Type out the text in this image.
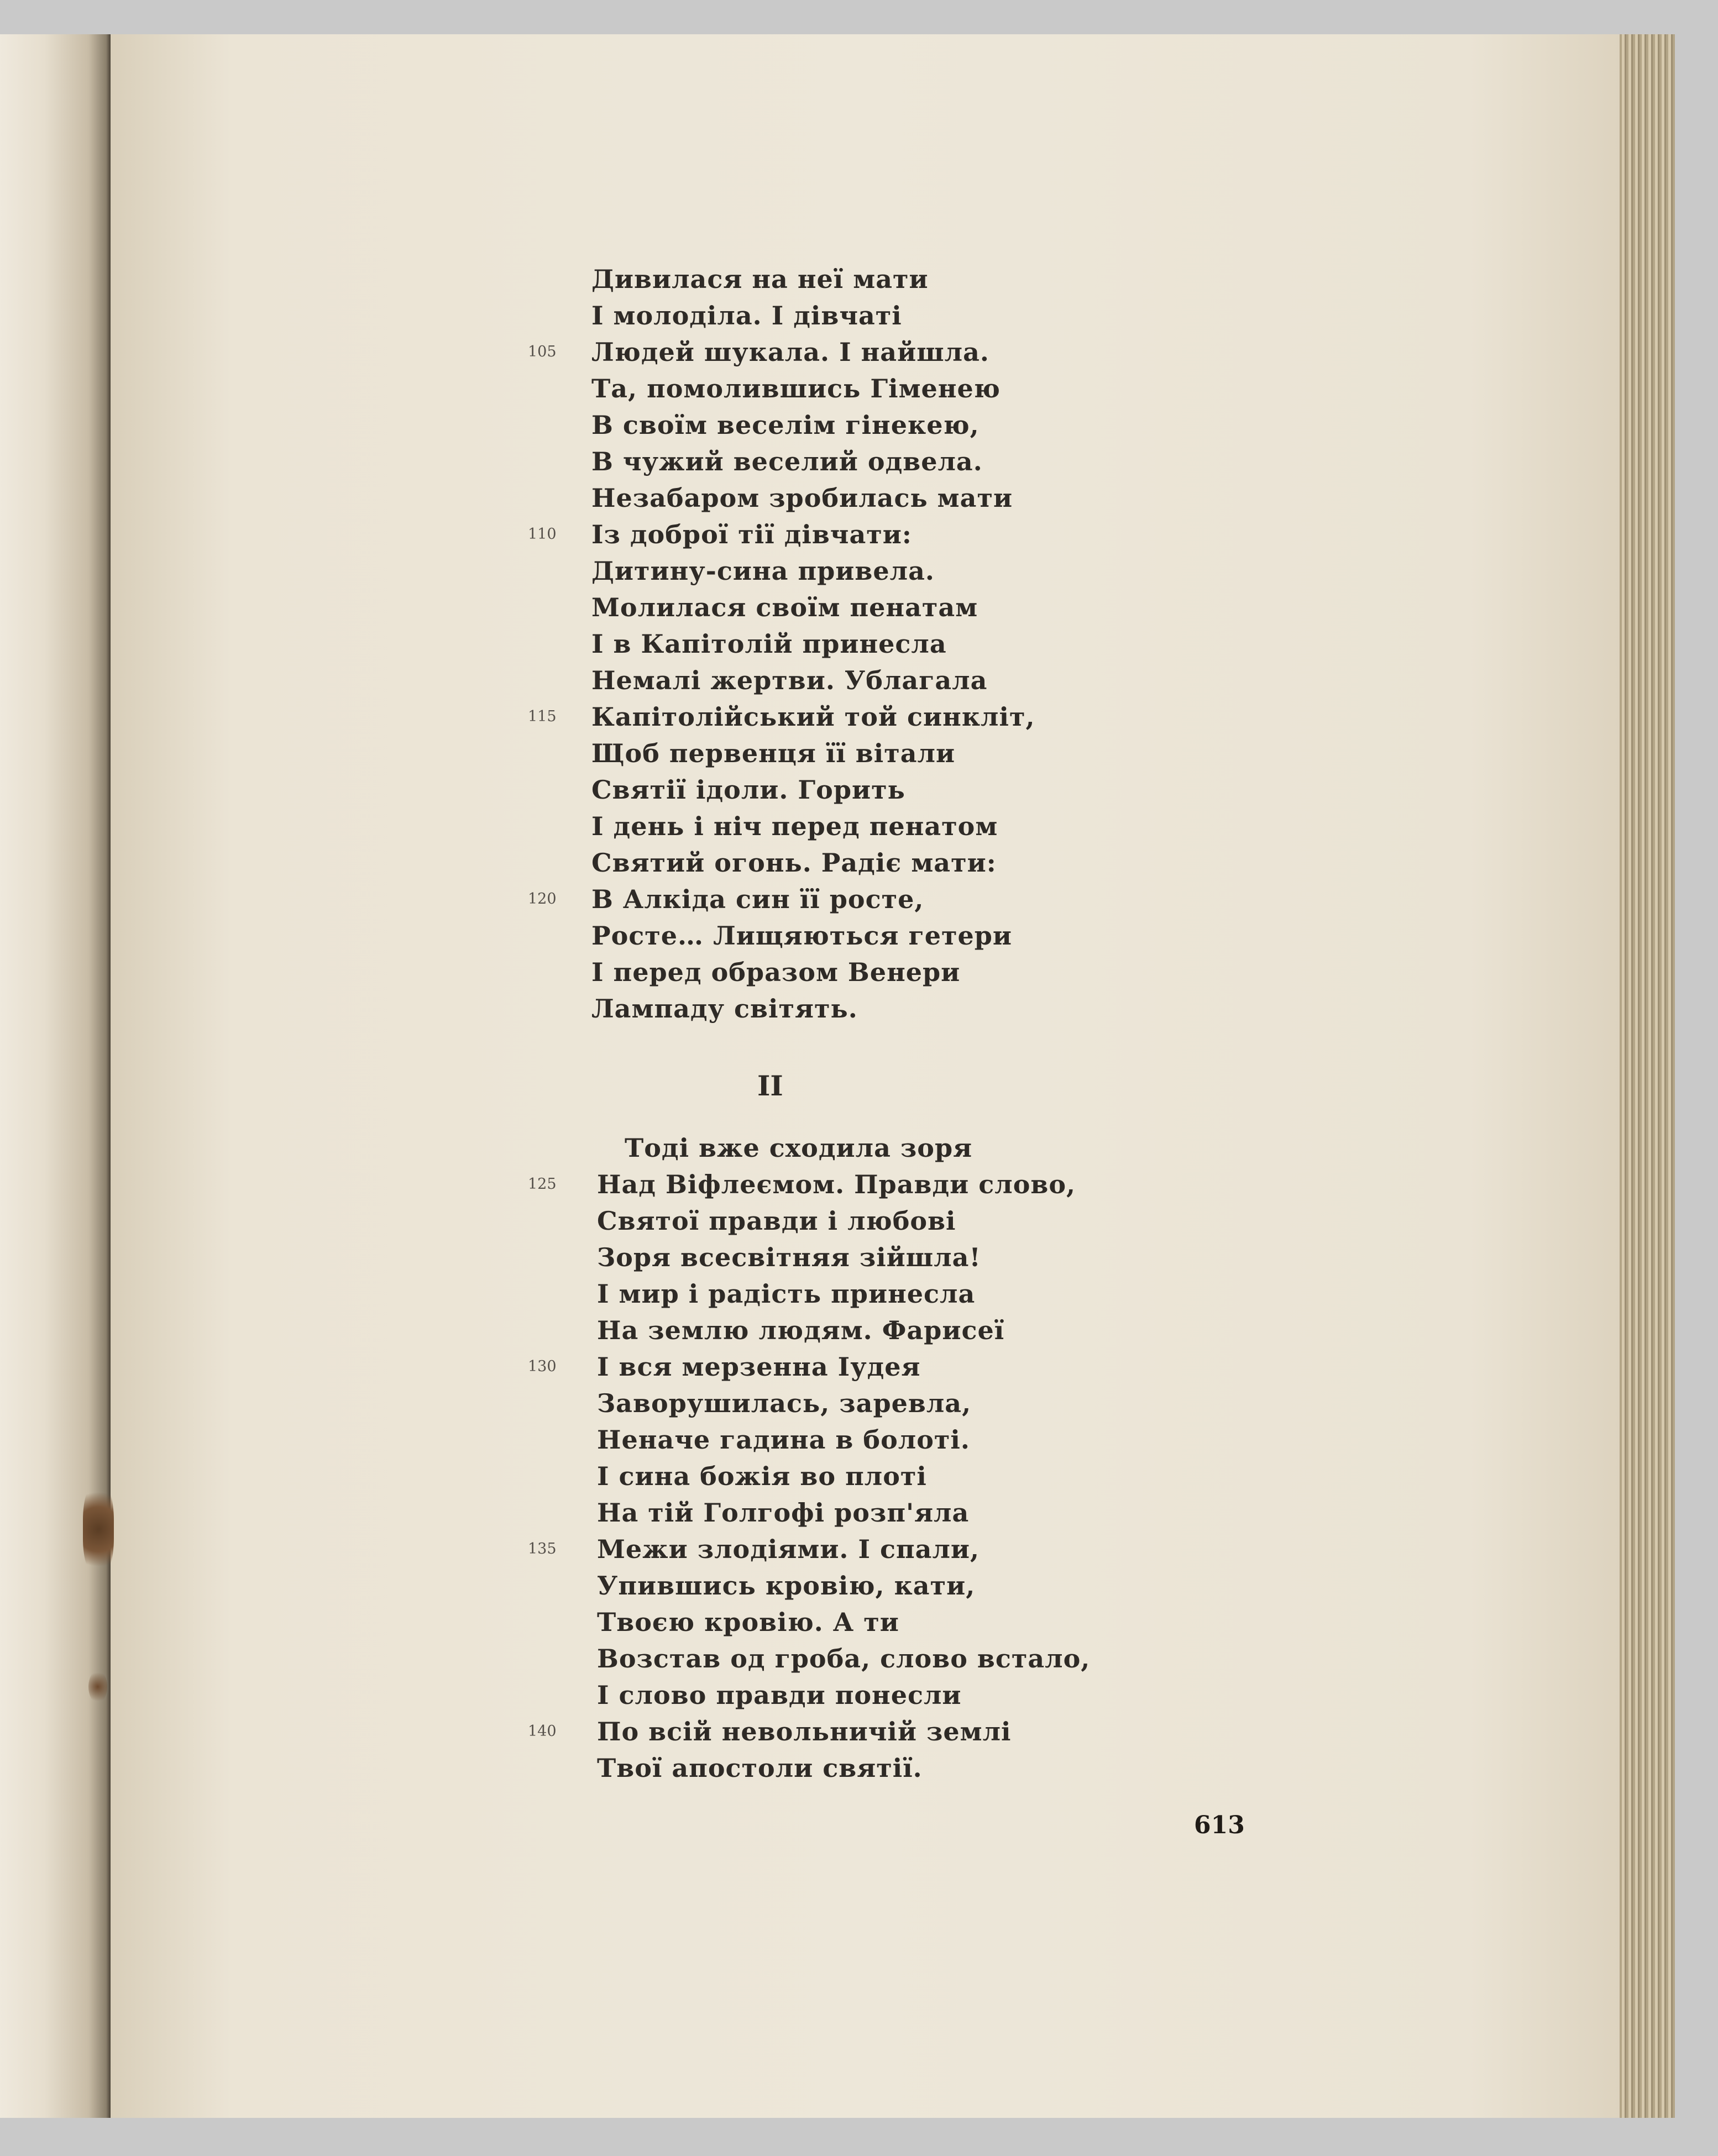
Дивилася на неї мати
І молоділа. І дівчаті
Людей шукала. І найшла.
Та, помолившись Гіменею
В своїм веселім гінекею,
В чужий веселий одвела.
Незабаром зробилась мати
Із доброї тії дівчати:
Дитину-сина привела.
Молилася своїм пенатам
І в Капітолій принесла
Немалі жертви. Ублагала
Капітолійський той синкліт,
Щоб первенця її вітали
Святії ідоли. Горить
І день і ніч перед пенатом
Святий огонь. Радіє мати:
В Алкіда син її росте,
Росте… Лищяються гетери
І перед образом Венери
Лампаду світять.
105
110
115
120
II
Тоді вже сходила зоря
Над Віфлеємом. Правди слово,
Святої правди і любові
Зоря всесвітняя зійшла!
І мир і радість принесла
На землю людям. Фарисеї
І вся мерзенна Іудея
Заворушилась, заревла,
Неначе гадина в болоті.
І сина божія во плоті
На тій Голгофі розп'яла
Межи злодіями. І спали,
Упившись кровію, кати,
Твоєю кровію. А ти
Возстав од гроба, слово встало,
І слово правди понесли
По всій невольничій землі
Твої апостоли святії.
125
130
135
140
613
